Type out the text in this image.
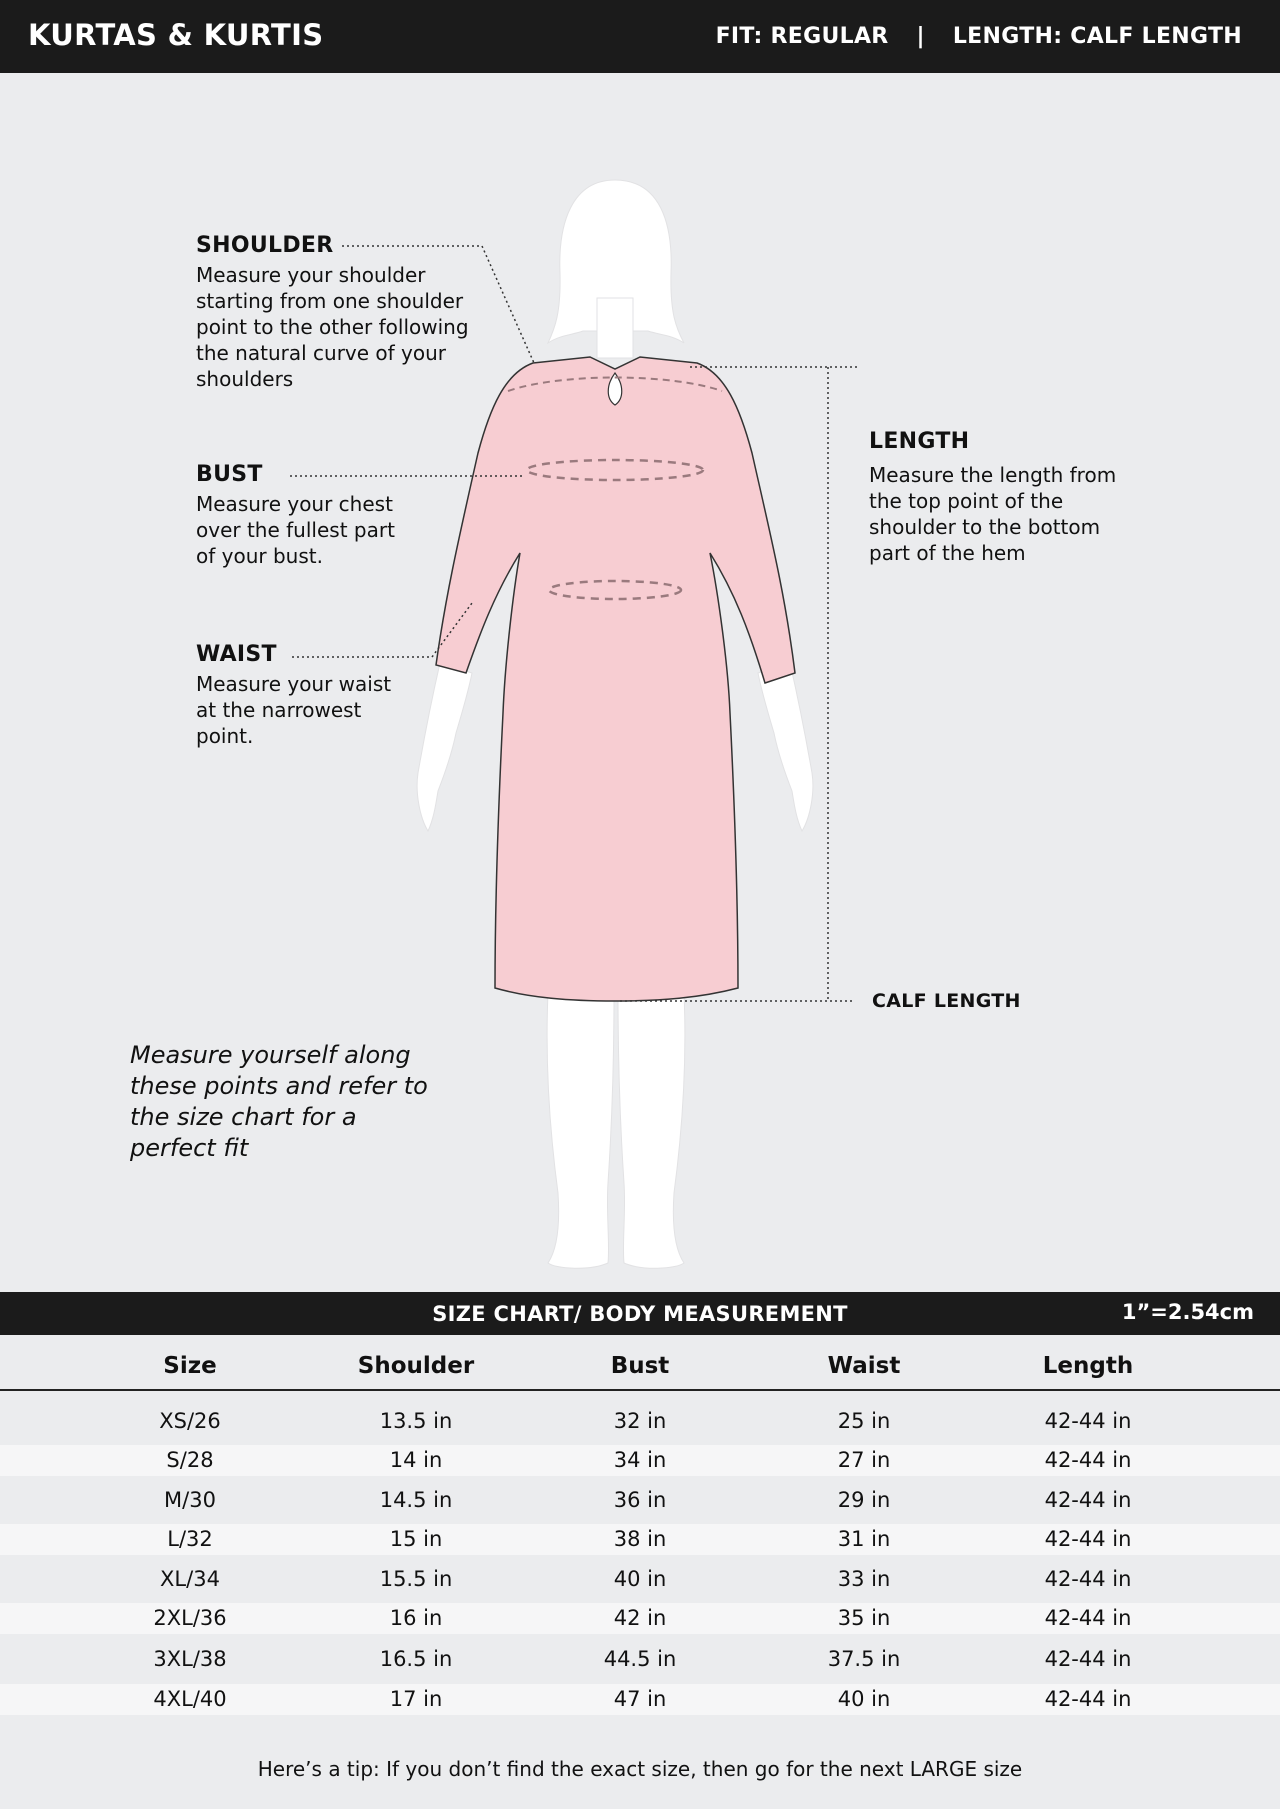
KURTAS & KURTIS	FIT: REGULAR | LENGTH: CALF LENGTH
SHOULDER
Measure your shoulder starting from one shoulder point to the other following the natural curve of your shoulders
BUST
Measure your chest over the fullest part of your bust.
WAIST
Measure your waist at the narrowest point.
LENGTH
Measure the length from the top point of the shoulder to the bottom part of the hem
CALF LENGTH
Measure yourself along these points and refer to the size chart for a perfect fit
SIZE CHART/ BODY MEASUREMENT	1”=2.54cm
Size	Shoulder	Bust	Waist	Length
XS/26	13.5 in	32 in	25 in	42-44 in
S/28	14 in	34 in	27 in	42-44 in
M/30	14.5 in	36 in	29 in	42-44 in
L/32	15 in	38 in	31 in	42-44 in
XL/34	15.5 in	40 in	33 in	42-44 in
2XL/36	16 in	42 in	35 in	42-44 in
3XL/38	16.5 in	44.5 in	37.5 in	42-44 in
4XL/40	17 in	47 in	40 in	42-44 in
Here’s a tip: If you don’t find the exact size, then go for the next LARGE size
